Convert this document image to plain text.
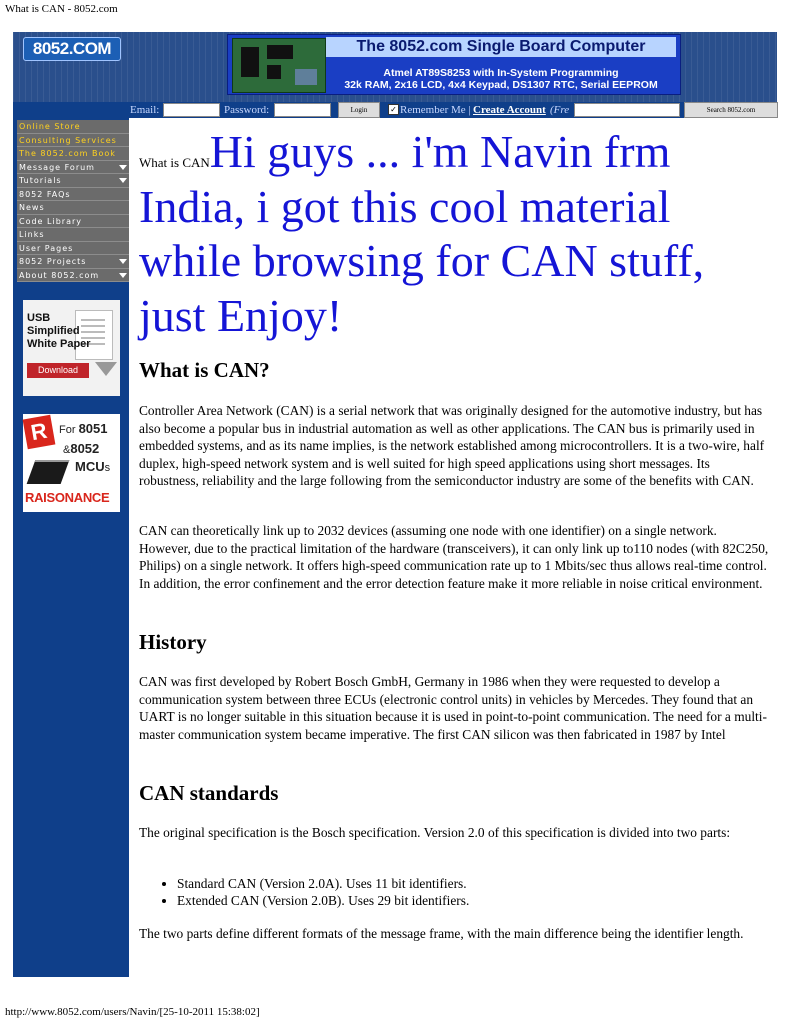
What is CAN - 8052.com
8052.COM	The 8052.com Single Board Computer
Atmel AT89S8253 with In-System Programming
32k RAM, 2x16 LCD, 4x4 Keypad, DS1307 RTC, Serial EEPROM
Email:	Password:	Login	✓ Remember Me | Create Account (Fre	Search 8052.com
Online Store
Consulting Services
The 8052.com Book
Message Forum
Tutorials
8052 FAQs
News
Code Library
Links
User Pages
8052 Projects
About 8052.com
USB Simplified White Paper
Download
R For 8051
&8052
MCUs
RAISONANCE
What is CANHi guys ... i'm Navin frm India, i got this cool material while browsing for CAN stuff, just Enjoy!
What is CAN?

Controller Area Network (CAN) is a serial network that was originally designed for the automotive industry, but has also become a popular bus in industrial automation as well as other applications. The CAN bus is primarily used in embedded systems, and as its name implies, is the network established among microcontrollers. It is a two-wire, half duplex, high-speed network system and is well suited for high speed applications using short messages. Its robustness, reliability and the large following from the semiconductor industry are some of the benefits with CAN.

CAN can theoretically link up to 2032 devices (assuming one node with one identifier) on a single network. However, due to the practical limitation of the hardware (transceivers), it can only link up to110 nodes (with 82C250, Philips) on a single network. It offers high-speed communication rate up to 1 Mbits/sec thus allows real-time control. In addition, the error confinement and the error detection feature make it more reliable in noise critical environment.

History

CAN was first developed by Robert Bosch GmbH, Germany in 1986 when they were requested to develop a communication system between three ECUs (electronic control units) in vehicles by Mercedes. They found that an UART is no longer suitable in this situation because it is used in point-to-point communication. The need for a multi-master communication system became imperative. The first CAN silicon was then fabricated in 1987 by Intel

CAN standards

The original specification is the Bosch specification. Version 2.0 of this specification is divided into two parts:

• Standard CAN (Version 2.0A). Uses 11 bit identifiers.
• Extended CAN (Version 2.0B). Uses 29 bit identifiers.

The two parts define different formats of the message frame, with the main difference being the identifier length.

http://www.8052.com/users/Navin/[25-10-2011 15:38:02]
